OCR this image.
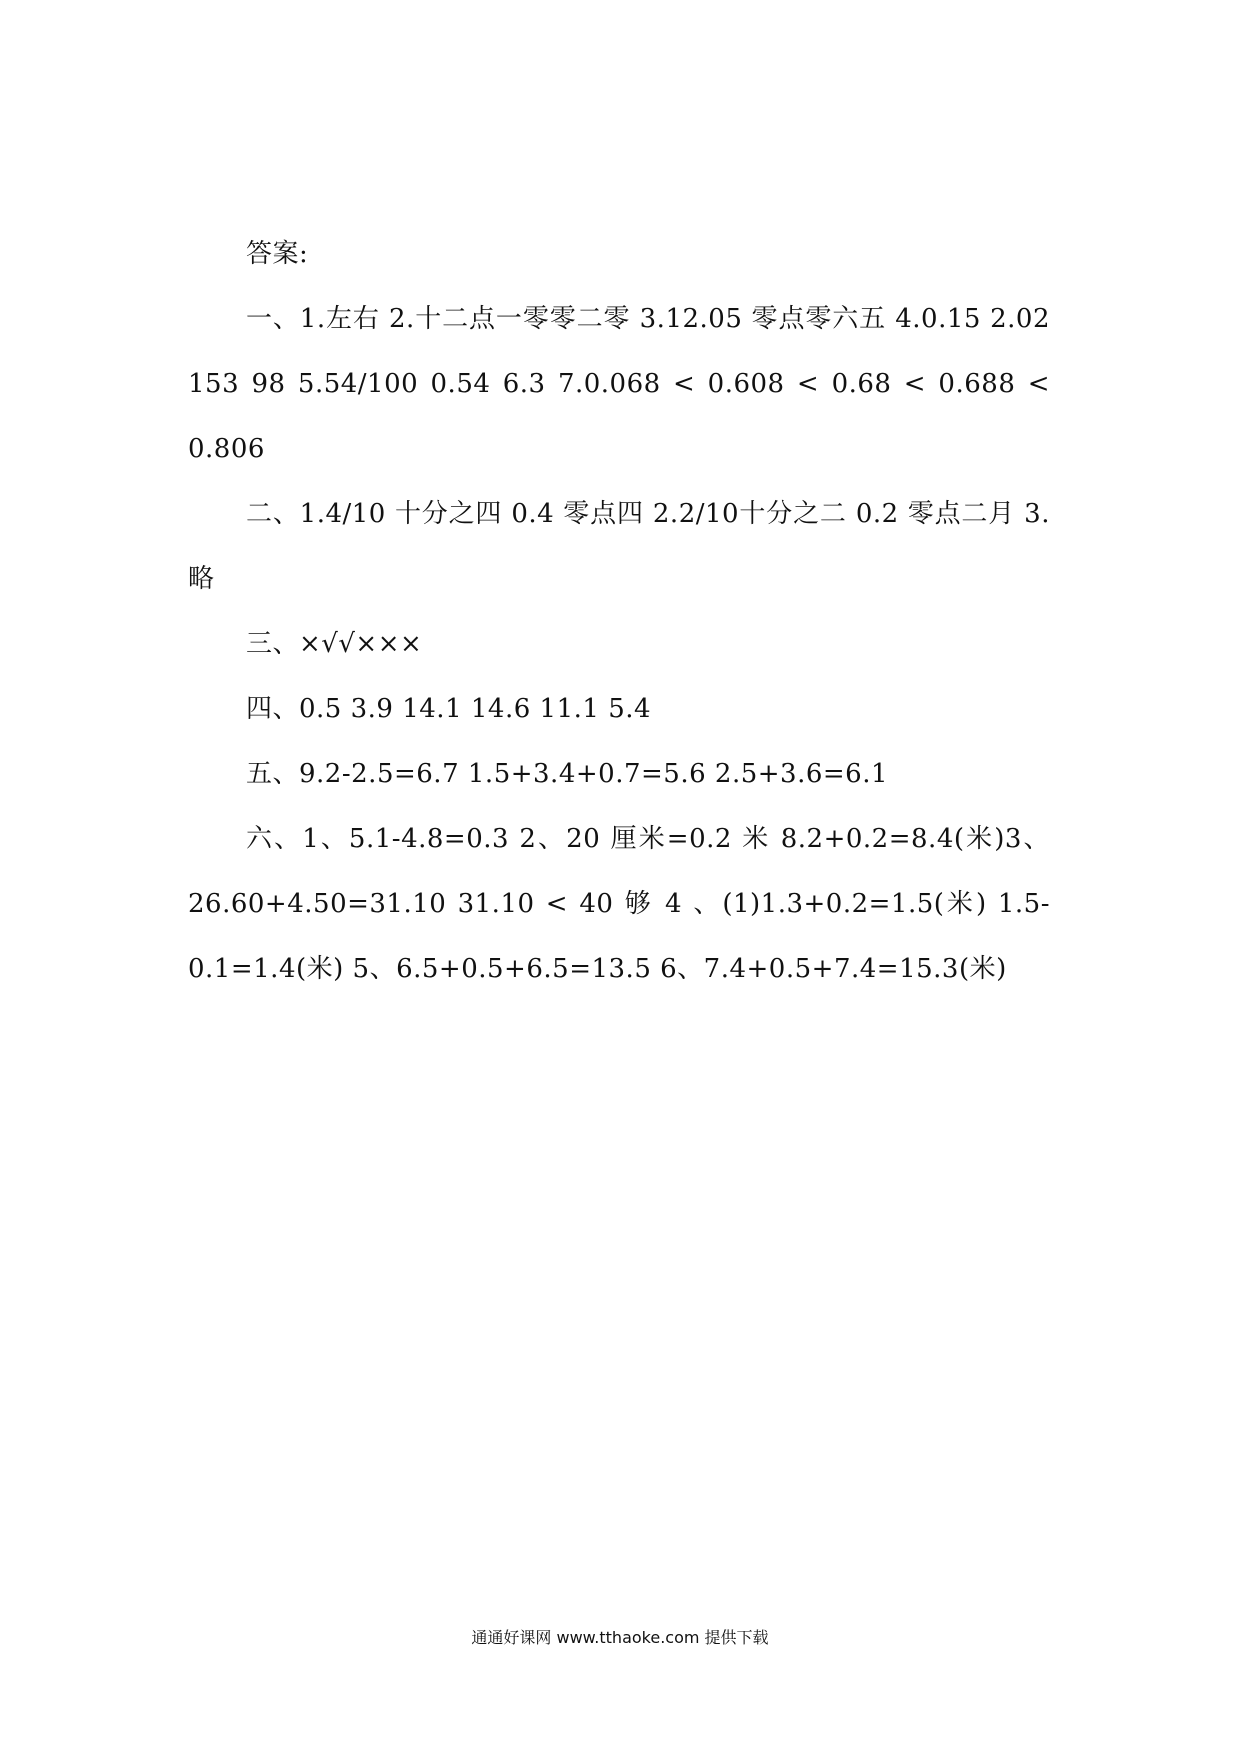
答案:

一、1.左右 2.十二点一零零二零 3.12.05 零点零六五 4.0.15 2.02 153 98 5.54/100 0.54 6.3 7.0.068 < 0.608 < 0.68 < 0.688 < 0.806

二、1.4/10 十分之四 0.4 零点四 2.2/10十分之二 0.2 零点二月 3.略

三、×√√×××

四、0.5 3.9 14.1 14.6 11.1 5.4

五、9.2-2.5=6.7 1.5+3.4+0.7=5.6 2.5+3.6=6.1

六、1、5.1-4.8=0.3 2、20 厘米=0.2 米 8.2+0.2=8.4(米)3、26.60+4.50=31.10 31.10 < 40 够 4 、(1)1.3+0.2=1.5(米) 1.5-0.1=1.4(米) 5、6.5+0.5+6.5=13.5 6、7.4+0.5+7.4=15.3(米)

通通好课网 www.tthaoke.com 提供下载
